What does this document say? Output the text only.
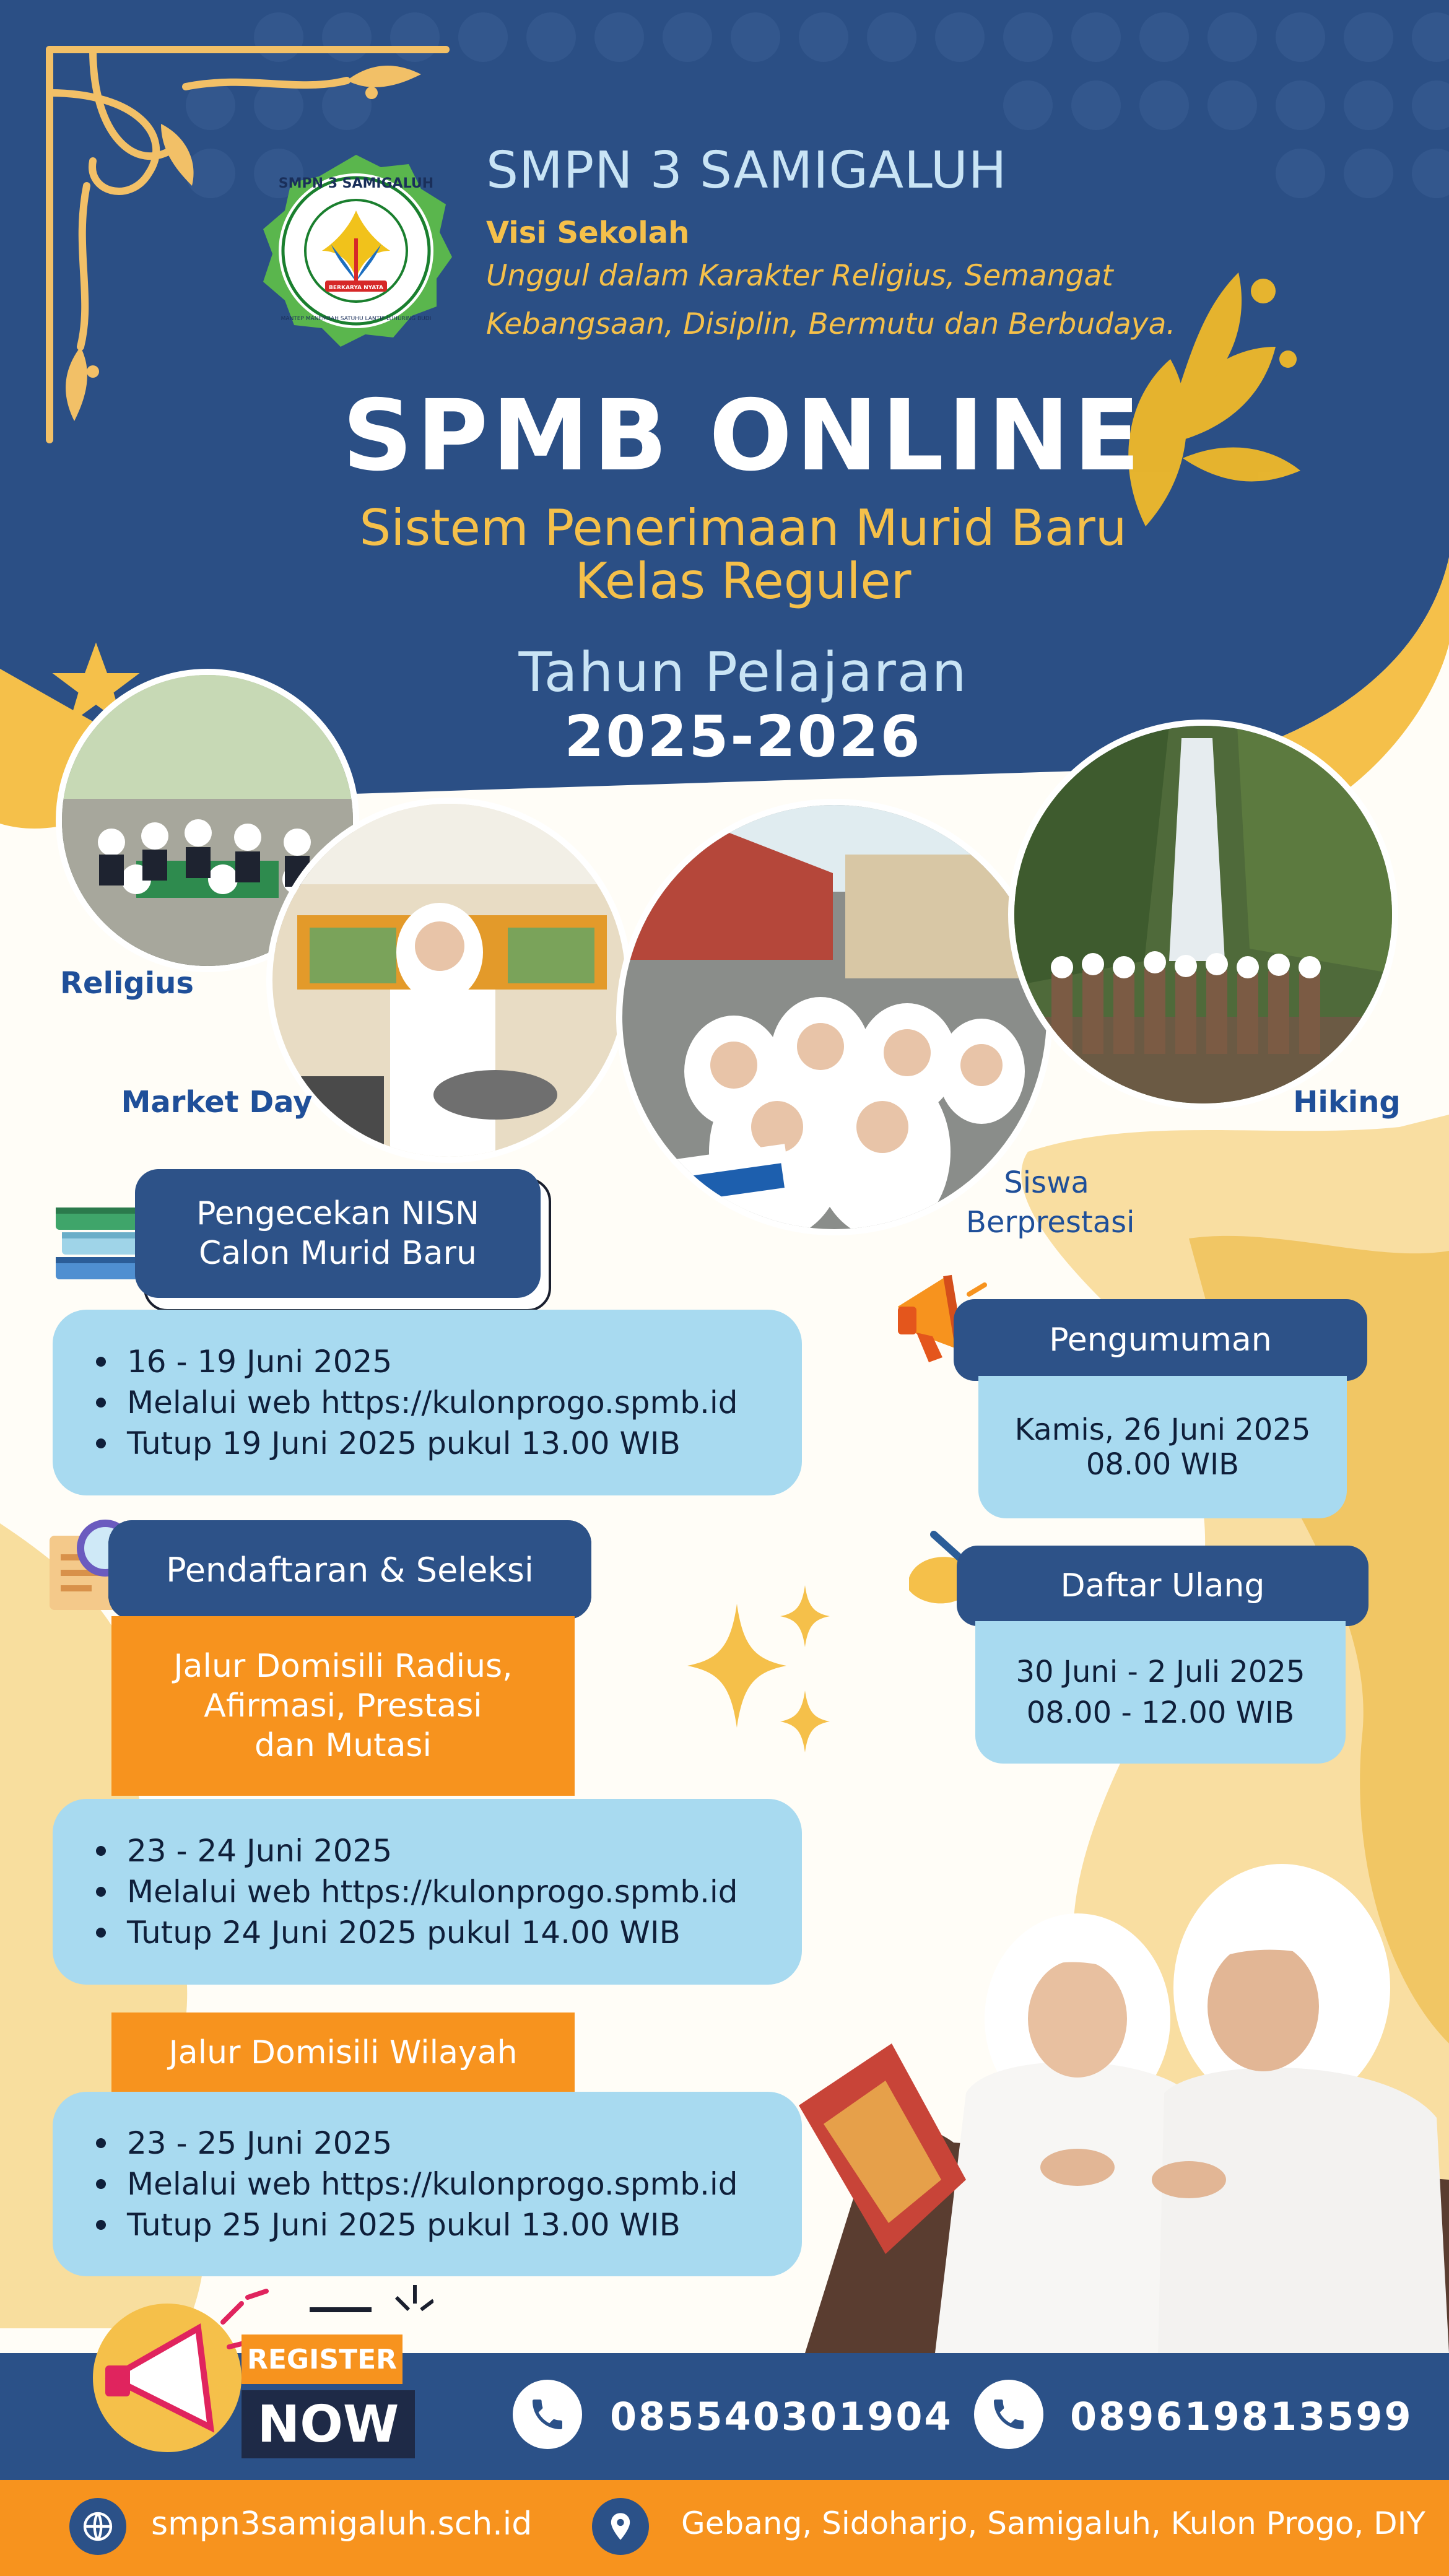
SMPN 3 SAMIGALUH
BERKARYA NYATA
MANTEP MANEMBAH SATUHU LANTIP LUHURING BUDI
SMPN 3 SAMIGALUH
Visi Sekolah
Unggul dalam Karakter Religius, Semangat
Kebangsaan, Disiplin, Bermutu dan Berbudaya.
SPMB ONLINE
Sistem Penerimaan Murid Baru
Kelas Reguler
Tahun Pelajaran
2025-2026
Religius
Market Day
Siswa
Berprestasi
Hiking
Pengecekan NISN
Calon Murid Baru
16 - 19 Juni 2025
Melalui web https://kulonprogo.spmb.id
Tutup 19 Juni 2025 pukul 13.00 WIB
Pendaftaran & Seleksi
Jalur Domisili Radius,
Afirmasi, Prestasi
dan Mutasi
23 - 24 Juni 2025
Melalui web https://kulonprogo.spmb.id
Tutup 24 Juni 2025 pukul 14.00 WIB
Jalur Domisili Wilayah
23 - 25 Juni 2025
Melalui web https://kulonprogo.spmb.id
Tutup 25 Juni 2025 pukul 13.00 WIB
Pengumuman
Kamis, 26 Juni 2025
08.00 WIB
Daftar Ulang
30 Juni - 2 Juli 2025
08.00 - 12.00 WIB
REGISTER
NOW	085540301904	089619813599
smpn3samigaluh.sch.id	Gebang, Sidoharjo, Samigaluh, Kulon Progo, DIY
